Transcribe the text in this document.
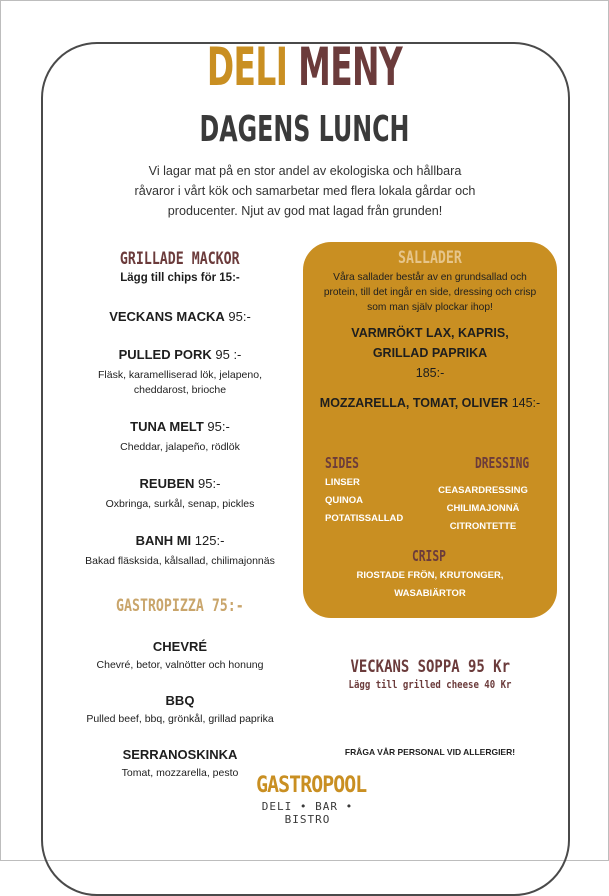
DELI MENY
DAGENS LUNCH
Vi lagar mat på en stor andel av ekologiska och hållbara
råvaror i vårt kök och samarbetar med flera lokala gårdar och
producenter. Njut av god mat lagad från grunden!
GRILLADE MACKOR
Lägg till chips för 15:-
VECKANS MACKA 95:-
PULLED PORK 95 :-
Fläsk, karamelliserad lök, jelapeno,
cheddarost, brioche
TUNA MELT 95:-
Cheddar, jalapeño, rödlök
REUBEN 95:-
Oxbringa, surkål, senap, pickles
BANH MI 125:-
Bakad fläsksida, kålsallad, chilimajonnäs
GASTROPIZZA 75:-
CHEVRÉ
Chevré, betor, valnötter och honung
BBQ
Pulled beef, bbq, grönkål, grillad paprika
SERRANOSKINKA
Tomat, mozzarella, pesto
SALLADER
Våra sallader består av en grundsallad och
protein, till det ingår en side, dressing och crisp
som man själv plockar ihop!
VARMRÖKT LAX, KAPRIS,
GRILLAD PAPRIKA
185:-
MOZZARELLA, TOMAT, OLIVER 145:-
SIDES
LINSER
QUINOA
POTATISSALLAD
DRESSING
CEASARDRESSING
CHILIMAJONNÄ
CITRONTETTE
CRISP
RIOSTADE FRÖN, KRUTONGER,
WASABIÄRTOR
VECKANS SOPPA 95 Kr
Lägg till grilled cheese 40 Kr
FRÅGA VÅR PERSONAL VID ALLERGIER!
GASTROPOOL
DELI • BAR • BISTRO
